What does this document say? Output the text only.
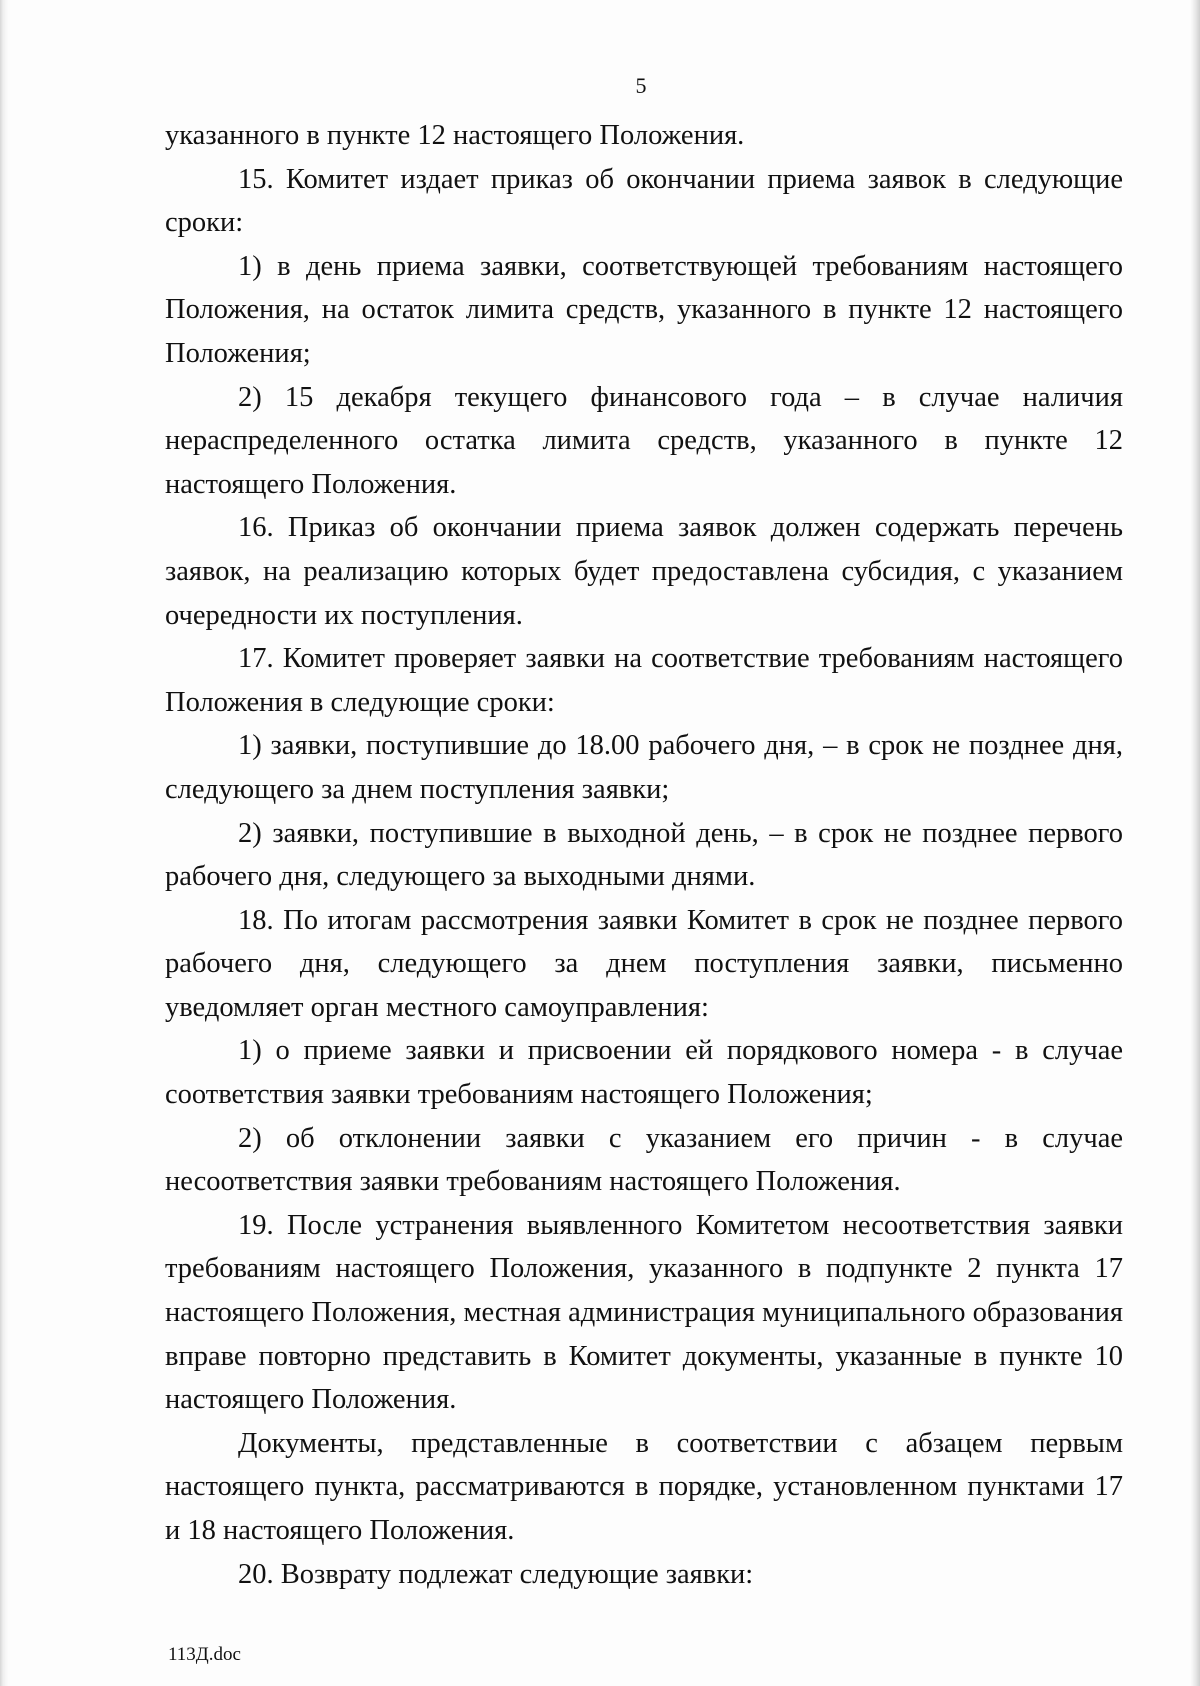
5

указанного в пункте 12 настоящего Положения.

15. Комитет издает приказ об окончании приема заявок в следующие сроки:

1) в день приема заявки, соответствующей требованиям настоящего Положения, на остаток лимита средств, указанного в пункте 12 настоящего Положения;

2) 15 декабря текущего финансового года – в случае наличия нераспределенного остатка лимита средств, указанного в пункте 12 настоящего Положения.

16. Приказ об окончании приема заявок должен содержать перечень заявок, на реализацию которых будет предоставлена субсидия, с указанием очередности их поступления.

17. Комитет проверяет заявки на соответствие требованиям настоящего Положения в следующие сроки:

1) заявки, поступившие до 18.00 рабочего дня, – в срок не позднее дня, следующего за днем поступления заявки;

2) заявки, поступившие в выходной день, – в срок не позднее первого рабочего дня, следующего за выходными днями.

18. По итогам рассмотрения заявки Комитет в срок не позднее первого рабочего дня, следующего за днем поступления заявки, письменно уведомляет орган местного самоуправления:

1) о приеме заявки и присвоении ей порядкового номера - в случае соответствия заявки требованиям настоящего Положения;

2) об отклонении заявки с указанием его причин - в случае несоответствия заявки требованиям настоящего Положения.

19. После устранения выявленного Комитетом несоответствия заявки требованиям настоящего Положения, указанного в подпункте 2 пункта 17 настоящего Положения, местная администрация муниципального образования вправе повторно представить в Комитет документы, указанные в пункте 10 настоящего Положения.

Документы, представленные в соответствии с абзацем первым настоящего пункта, рассматриваются в порядке, установленном пунктами 17 и 18 настоящего Положения.

20. Возврату подлежат следующие заявки:

113Д.doc
